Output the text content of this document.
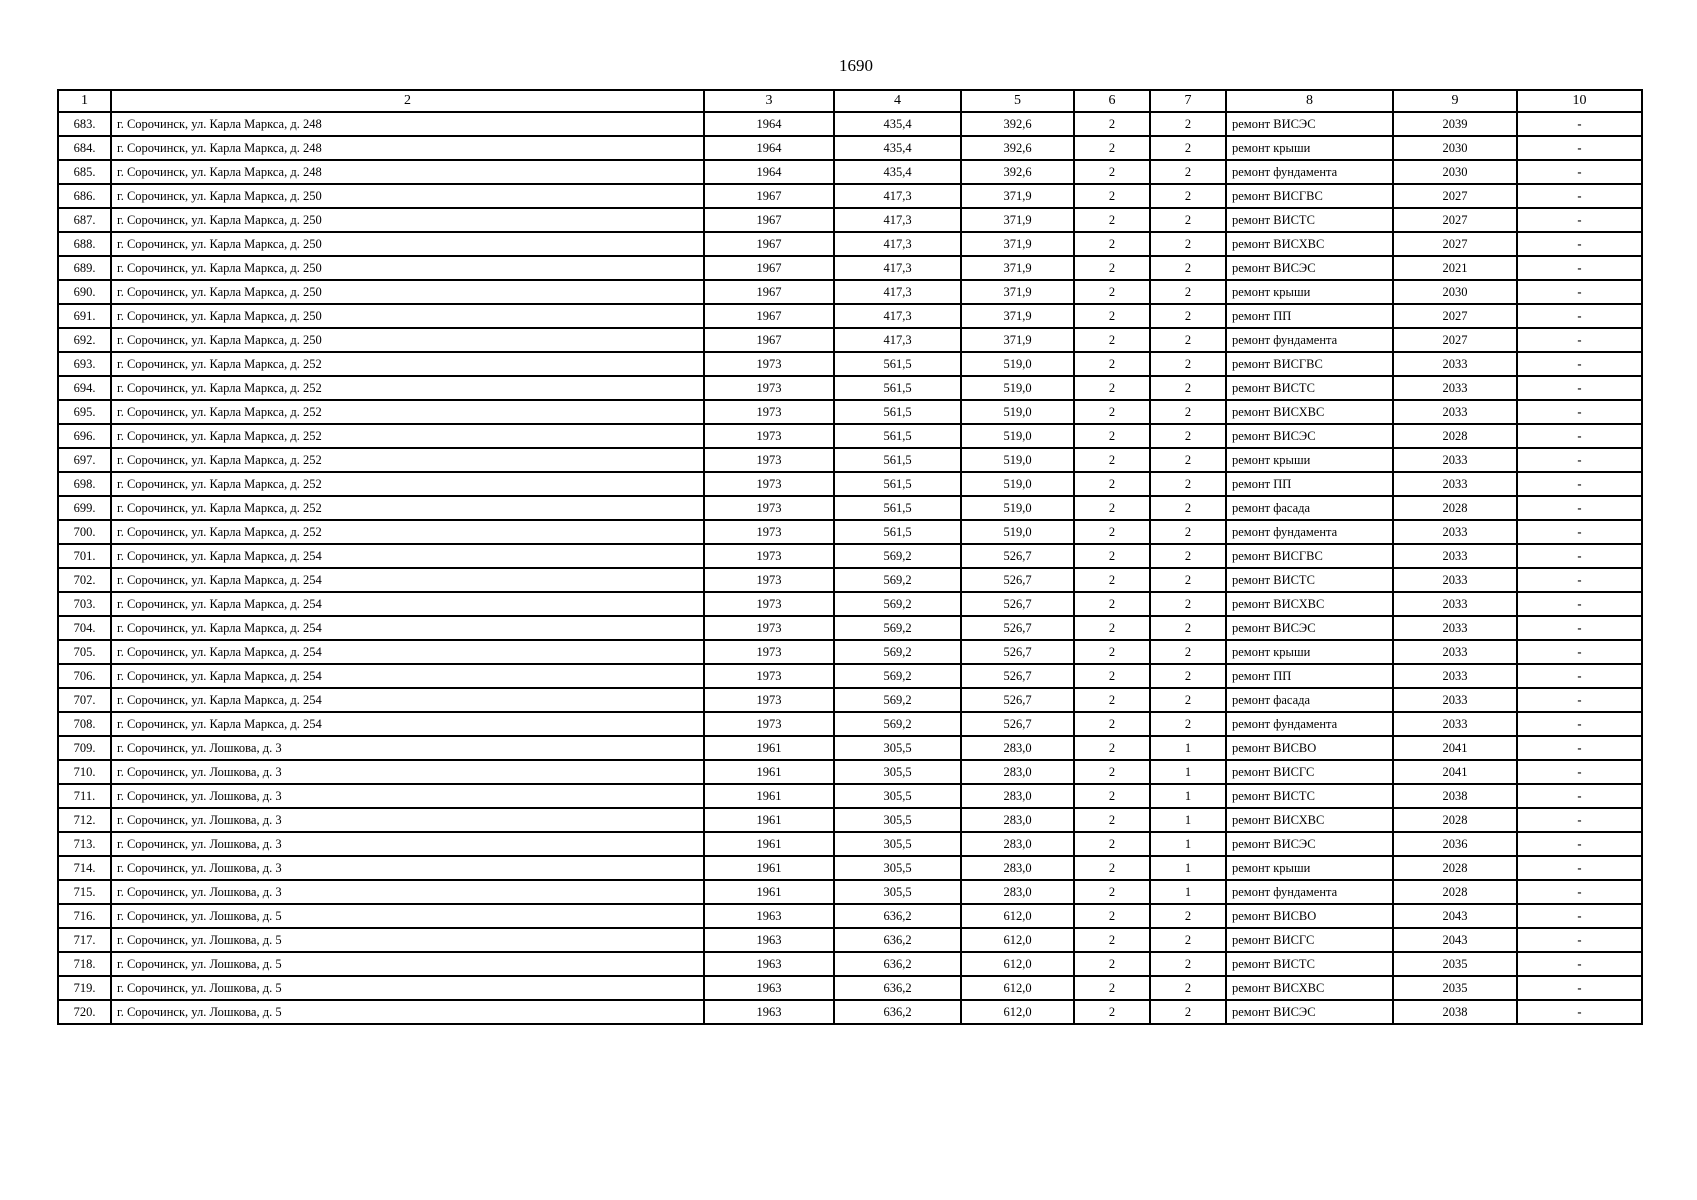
1690
1	2	3	4	5	6	7	8	9	10
683.	г. Сорочинск, ул. Карла Маркса, д. 248	1964	435,4	392,6	2	2	ремонт ВИСЭС	2039	-
684.	г. Сорочинск, ул. Карла Маркса, д. 248	1964	435,4	392,6	2	2	ремонт крыши	2030	-
685.	г. Сорочинск, ул. Карла Маркса, д. 248	1964	435,4	392,6	2	2	ремонт фундамента	2030	-
686.	г. Сорочинск, ул. Карла Маркса, д. 250	1967	417,3	371,9	2	2	ремонт ВИСГВС	2027	-
687.	г. Сорочинск, ул. Карла Маркса, д. 250	1967	417,3	371,9	2	2	ремонт ВИСТС	2027	-
688.	г. Сорочинск, ул. Карла Маркса, д. 250	1967	417,3	371,9	2	2	ремонт ВИСХВС	2027	-
689.	г. Сорочинск, ул. Карла Маркса, д. 250	1967	417,3	371,9	2	2	ремонт ВИСЭС	2021	-
690.	г. Сорочинск, ул. Карла Маркса, д. 250	1967	417,3	371,9	2	2	ремонт крыши	2030	-
691.	г. Сорочинск, ул. Карла Маркса, д. 250	1967	417,3	371,9	2	2	ремонт ПП	2027	-
692.	г. Сорочинск, ул. Карла Маркса, д. 250	1967	417,3	371,9	2	2	ремонт фундамента	2027	-
693.	г. Сорочинск, ул. Карла Маркса, д. 252	1973	561,5	519,0	2	2	ремонт ВИСГВС	2033	-
694.	г. Сорочинск, ул. Карла Маркса, д. 252	1973	561,5	519,0	2	2	ремонт ВИСТС	2033	-
695.	г. Сорочинск, ул. Карла Маркса, д. 252	1973	561,5	519,0	2	2	ремонт ВИСХВС	2033	-
696.	г. Сорочинск, ул. Карла Маркса, д. 252	1973	561,5	519,0	2	2	ремонт ВИСЭС	2028	-
697.	г. Сорочинск, ул. Карла Маркса, д. 252	1973	561,5	519,0	2	2	ремонт крыши	2033	-
698.	г. Сорочинск, ул. Карла Маркса, д. 252	1973	561,5	519,0	2	2	ремонт ПП	2033	-
699.	г. Сорочинск, ул. Карла Маркса, д. 252	1973	561,5	519,0	2	2	ремонт фасада	2028	-
700.	г. Сорочинск, ул. Карла Маркса, д. 252	1973	561,5	519,0	2	2	ремонт фундамента	2033	-
701.	г. Сорочинск, ул. Карла Маркса, д. 254	1973	569,2	526,7	2	2	ремонт ВИСГВС	2033	-
702.	г. Сорочинск, ул. Карла Маркса, д. 254	1973	569,2	526,7	2	2	ремонт ВИСТС	2033	-
703.	г. Сорочинск, ул. Карла Маркса, д. 254	1973	569,2	526,7	2	2	ремонт ВИСХВС	2033	-
704.	г. Сорочинск, ул. Карла Маркса, д. 254	1973	569,2	526,7	2	2	ремонт ВИСЭС	2033	-
705.	г. Сорочинск, ул. Карла Маркса, д. 254	1973	569,2	526,7	2	2	ремонт крыши	2033	-
706.	г. Сорочинск, ул. Карла Маркса, д. 254	1973	569,2	526,7	2	2	ремонт ПП	2033	-
707.	г. Сорочинск, ул. Карла Маркса, д. 254	1973	569,2	526,7	2	2	ремонт фасада	2033	-
708.	г. Сорочинск, ул. Карла Маркса, д. 254	1973	569,2	526,7	2	2	ремонт фундамента	2033	-
709.	г. Сорочинск, ул. Лошкова, д. 3	1961	305,5	283,0	2	1	ремонт ВИСВО	2041	-
710.	г. Сорочинск, ул. Лошкова, д. 3	1961	305,5	283,0	2	1	ремонт ВИСГС	2041	-
711.	г. Сорочинск, ул. Лошкова, д. 3	1961	305,5	283,0	2	1	ремонт ВИСТС	2038	-
712.	г. Сорочинск, ул. Лошкова, д. 3	1961	305,5	283,0	2	1	ремонт ВИСХВС	2028	-
713.	г. Сорочинск, ул. Лошкова, д. 3	1961	305,5	283,0	2	1	ремонт ВИСЭС	2036	-
714.	г. Сорочинск, ул. Лошкова, д. 3	1961	305,5	283,0	2	1	ремонт крыши	2028	-
715.	г. Сорочинск, ул. Лошкова, д. 3	1961	305,5	283,0	2	1	ремонт фундамента	2028	-
716.	г. Сорочинск, ул. Лошкова, д. 5	1963	636,2	612,0	2	2	ремонт ВИСВО	2043	-
717.	г. Сорочинск, ул. Лошкова, д. 5	1963	636,2	612,0	2	2	ремонт ВИСГС	2043	-
718.	г. Сорочинск, ул. Лошкова, д. 5	1963	636,2	612,0	2	2	ремонт ВИСТС	2035	-
719.	г. Сорочинск, ул. Лошкова, д. 5	1963	636,2	612,0	2	2	ремонт ВИСХВС	2035	-
720.	г. Сорочинск, ул. Лошкова, д. 5	1963	636,2	612,0	2	2	ремонт ВИСЭС	2038	-
